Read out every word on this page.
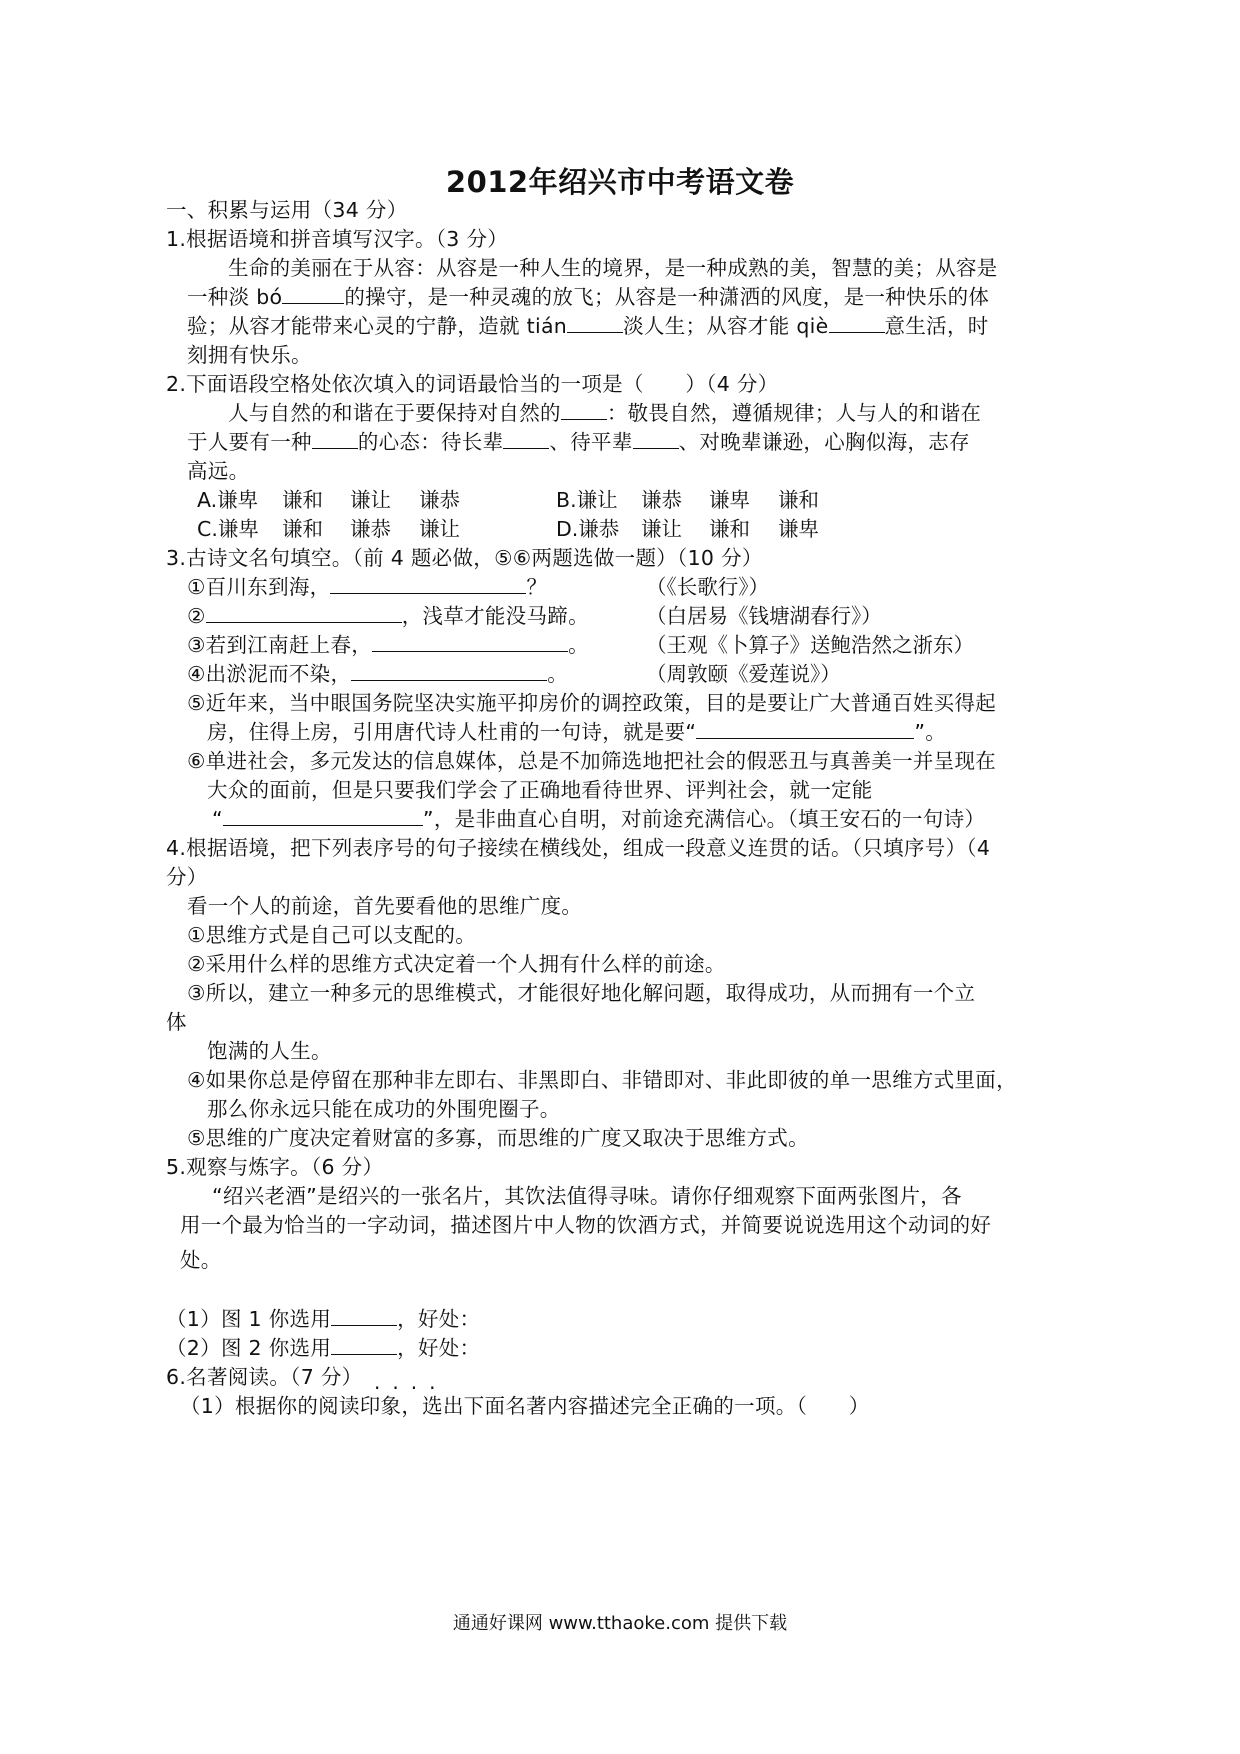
2012年绍兴市中考语文卷

一、积累与运用（34 分）

1.根据语境和拼音填写汉字。（3 分）

生命的美丽在于从容：从容是一种人生的境界，是一种成熟的美，智慧的美；从容是

一种淡 bó	的操守，是一种灵魂的放飞；从容是一种潇洒的风度，是一种快乐的体

验；从容才能带来心灵的宁静，造就 tián	淡人生；从容才能 qiè	意生活，时

刻拥有快乐。

2.下面语段空格处依次填入的词语最恰当的一项是（　　）（4 分）

人与自然的和谐在于要保持对自然的 ：敬畏自然，遵循规律；人与人的和谐在

于人要有一种 的心态：待长辈 、待平辈 、对晚辈谦逊，心胸似海，志存

高远。

A.谦卑 谦和 谦让 谦恭	B.谦让 谦恭 谦卑 谦和
C.谦卑 谦和 谦恭 谦让	D.谦恭 谦让 谦和 谦卑

3.古诗文名句填空。（前 4 题必做，⑤⑥两题选做一题）（10 分）

①百川东到海，	？	（《长歌行》）

②	，浅草才能没马蹄。	（白居易《钱塘湖春行》）

③若到江南赶上春，	。	（王观《卜算子》送鲍浩然之浙东）

④出淤泥而不染，	。	（周敦颐《爱莲说》）

⑤近年来，当中眼国务院坚决实施平抑房价的调控政策，目的是要让广大普通百姓买得起

房，住得上房，引用唐代诗人杜甫的一句诗，就是要“	”。

⑥单进社会，多元发达的信息媒体，总是不加筛选地把社会的假恶丑与真善美一并呈现在

大众的面前，但是只要我们学会了正确地看待世界、评判社会，就一定能

“	”，是非曲直心自明，对前途充满信心。（填王安石的一句诗）

4.根据语境，把下列表序号的句子接续在横线处，组成一段意义连贯的话。（只填序号）（4

分）

看一个人的前途，首先要看他的思维广度。

①思维方式是自己可以支配的。

②采用什么样的思维方式决定着一个人拥有什么样的前途。

③所以，建立一种多元的思维模式，才能很好地化解问题，取得成功，从而拥有一个立

体

饱满的人生。

④如果你总是停留在那种非左即右、非黑即白、非错即对、非此即彼的单一思维方式里面，

那么你永远只能在成功的外围兜圈子。

⑤思维的广度决定着财富的多寡，而思维的广度又取决于思维方式。

5.观察与炼字。（6 分）

“绍兴老酒”是绍兴的一张名片，其饮法值得寻味。请你仔细观察下面两张图片，各

用一个最为恰当的一字动词，描述图片中人物的饮酒方式，并简要说说选用这个动词的好

····

处。

（1）图 1 你选用	，好处：

（2）图 2 你选用	，好处：

6.名著阅读。（7 分）

（1）根据你的阅读印象，选出下面名著内容描述完全正确的一项。（　　）

通通好课网 www.tthaoke.com 提供下载
